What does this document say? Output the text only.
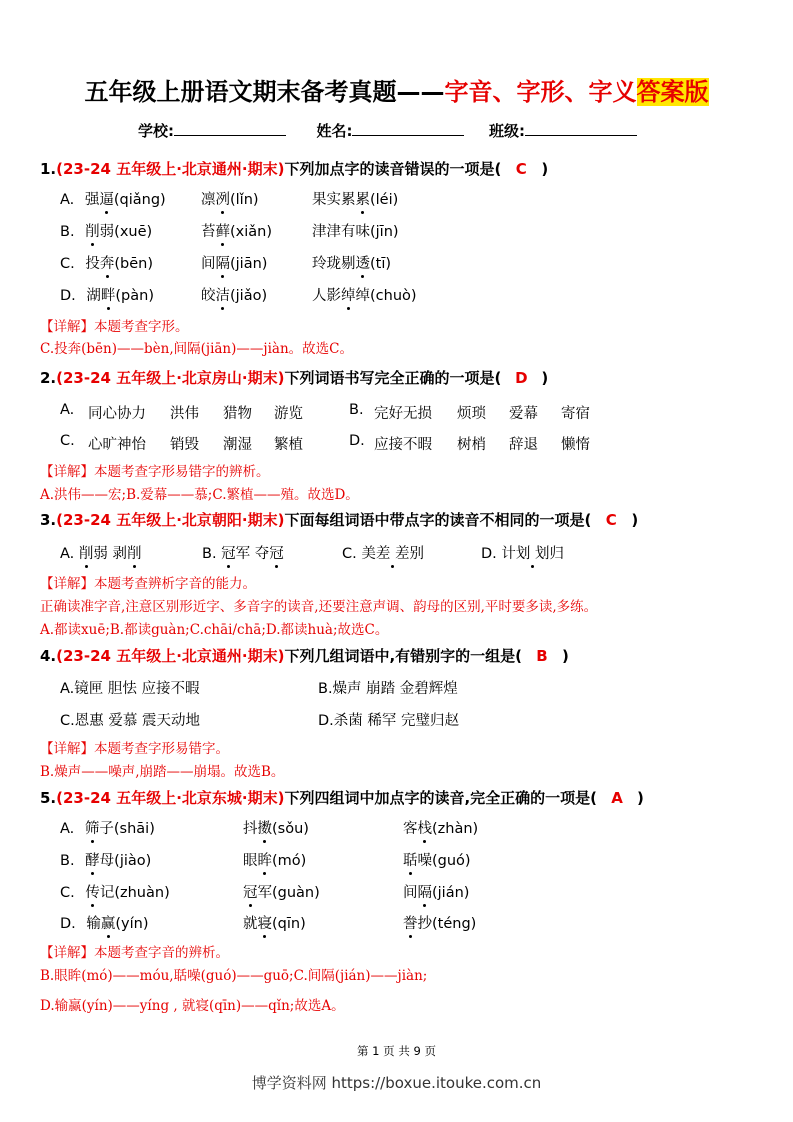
五年级上册语文期末备考真题——字音、字形、字义答案版
学校:	姓名:	班级:
1.(23-24 五年级上·北京通州·期末)下列加点字的读音错误的一项是( C )
A. 强逼(qiǎng) 凛冽(lǐn)	果实累累(léi)
B. 削弱(xuē)	苔藓(xiǎn)	津津有味(jīn)
C. 投奔(bēn)	间隔(jiān)	玲珑剔透(tī)
D. 湖畔(pàn)	皎洁(jiǎo)	人影绰绰(chuò)
【详解】本题考查字形。
C.投奔(bēn)——bèn,间隔(jiān)——jiàn。故选C。
2.(23-24 五年级上·北京房山·期末)下列词语书写完全正确的一项是( D )
A. 同心协力 洪伟 猎物 游览	B. 完好无损 烦琐 爱幕 寄宿
C. 心旷神怡 销毁 潮湿 繁植	D. 应接不暇 树梢 辞退 懒惰
【详解】本题考查字形易错字的辨析。
A.洪伟——宏;B.爱幕——慕;C.繁植——殖。故选D。
3.(23-24 五年级上·北京朝阳·期末)下面每组词语中带点字的读音不相同的一项是( C )
A. 削弱 剥削	B. 冠军 夺冠	C. 美差 差别	D. 计划 划归
【详解】本题考查辨析字音的能力。
正确读准字音,注意区别形近字、多音字的读音,还要注意声调、韵母的区别,平时要多读,多练。
A.都读xuē;B.都读guàn;C.chāi/chā;D.都读huà;故选C。
4.(23-24 五年级上·北京通州·期末)下列几组词语中,有错别字的一组是( B )
A.镜匣 胆怯 应接不暇	B.燥声 崩踏 金碧辉煌
C.恩惠 爱慕 震天动地	D.杀菌 稀罕 完璧归赵
【详解】本题考查字形易错字。
B.燥声——噪声,崩踏——崩塌。故选B。
5.(23-24 五年级上·北京东城·期末)下列四组词中加点字的读音,完全正确的一项是( A )
A. 筛子(shāi)	抖擞(sǒu)	客栈(zhàn)
B. 酵母(jiào)	眼眸(mó)	聒噪(guó)
C. 传记(zhuàn)	冠军(guàn)	间隔(jián)
D. 输赢(yín)	就寝(qīn)	誊抄(téng)
【详解】本题考查字音的辨析。
B.眼眸(mó)——móu,聒噪(guó)——guō;C.间隔(jián)——jiàn;
D.输赢(yín)——yíng , 就寝(qīn)——qǐn;故选A。
第 1 页 共 9 页
博学资料网 https://boxue.itouke.com.cn
